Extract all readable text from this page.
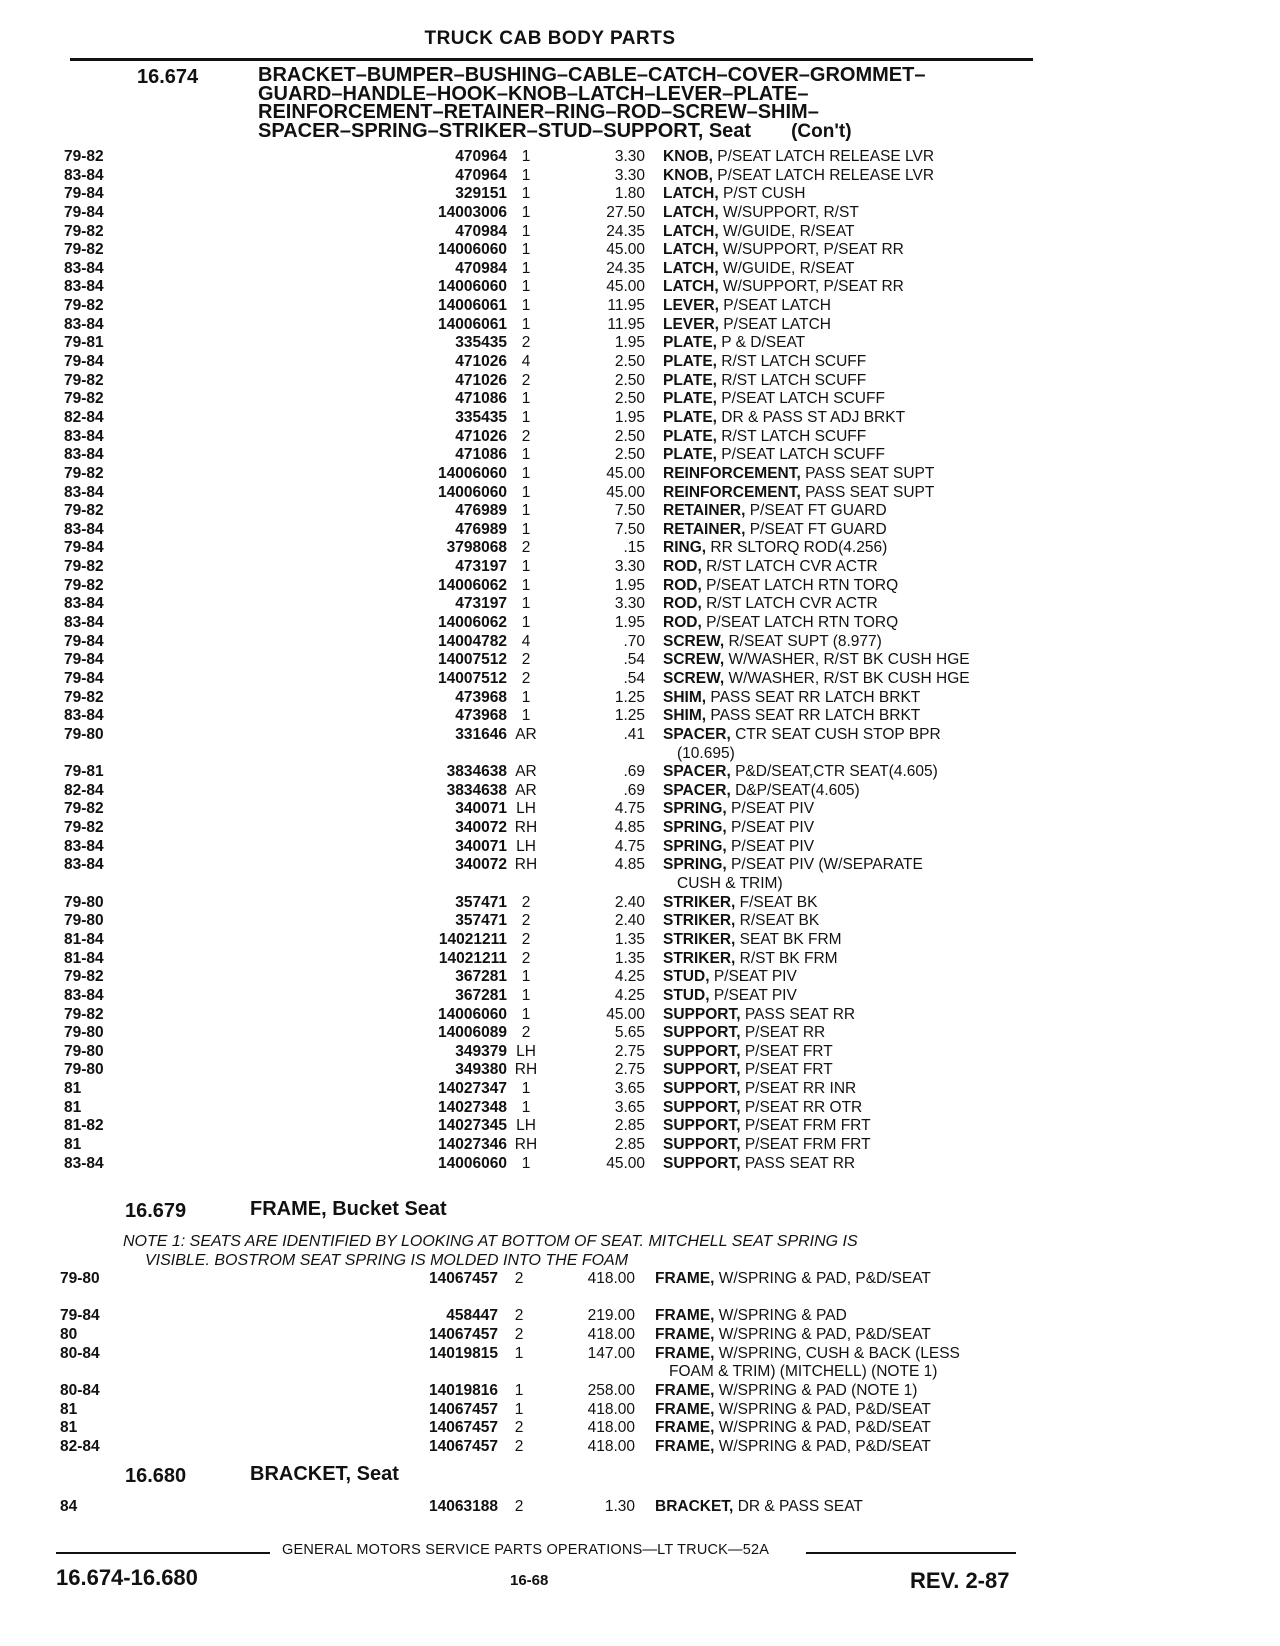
TRUCK CAB BODY PARTS
16.674	BRACKET–BUMPER–BUSHING–CABLE–CATCH–COVER–GROMMET–
GUARD–HANDLE–HOOK–KNOB–LATCH–LEVER–PLATE–
REINFORCEMENT–RETAINER–RING–ROD–SCREW–SHIM–
SPACER–SPRING–STRIKER–STUD–SUPPORT, Seat (Con't)
79-82	470964 1	3.30 KNOB, P/SEAT LATCH RELEASE LVR
83-84	470964 1	3.30 KNOB, P/SEAT LATCH RELEASE LVR
79-84	329151 1	1.80 LATCH, P/ST CUSH
79-84	14003006 1	27.50 LATCH, W/SUPPORT, R/ST
79-82	470984 1	24.35 LATCH, W/GUIDE, R/SEAT
79-82	14006060 1	45.00 LATCH, W/SUPPORT, P/SEAT RR
83-84	470984 1	24.35 LATCH, W/GUIDE, R/SEAT
83-84	14006060 1	45.00 LATCH, W/SUPPORT, P/SEAT RR
79-82	14006061 1	11.95 LEVER, P/SEAT LATCH
83-84	14006061 1	11.95 LEVER, P/SEAT LATCH
79-81	335435 2	1.95 PLATE, P & D/SEAT
79-84	471026 4	2.50 PLATE, R/ST LATCH SCUFF
79-82	471026 2	2.50 PLATE, R/ST LATCH SCUFF
79-82	471086 1	2.50 PLATE, P/SEAT LATCH SCUFF
82-84	335435 1	1.95 PLATE, DR & PASS ST ADJ BRKT
83-84	471026 2	2.50 PLATE, R/ST LATCH SCUFF
83-84	471086 1	2.50 PLATE, P/SEAT LATCH SCUFF
79-82	14006060 1	45.00 REINFORCEMENT, PASS SEAT SUPT
83-84	14006060 1	45.00 REINFORCEMENT, PASS SEAT SUPT
79-82	476989 1	7.50 RETAINER, P/SEAT FT GUARD
83-84	476989 1	7.50 RETAINER, P/SEAT FT GUARD
79-84	3798068 2	.15 RING, RR SLTORQ ROD(4.256)
79-82	473197 1	3.30 ROD, R/ST LATCH CVR ACTR
79-82	14006062 1	1.95 ROD, P/SEAT LATCH RTN TORQ
83-84	473197 1	3.30 ROD, R/ST LATCH CVR ACTR
83-84	14006062 1	1.95 ROD, P/SEAT LATCH RTN TORQ
79-84	14004782 4	.70 SCREW, R/SEAT SUPT (8.977)
79-84	14007512 2	.54 SCREW, W/WASHER, R/ST BK CUSH HGE
79-84	14007512 2	.54 SCREW, W/WASHER, R/ST BK CUSH HGE
79-82	473968 1	1.25 SHIM, PASS SEAT RR LATCH BRKT
83-84	473968 1	1.25 SHIM, PASS SEAT RR LATCH BRKT
79-80	331646 AR	.41 SPACER, CTR SEAT CUSH STOP BPR
(10.695)
79-81	3834638 AR	.69 SPACER, P&D/SEAT,CTR SEAT(4.605)
82-84	3834638 AR	.69 SPACER, D&P/SEAT(4.605)
79-82	340071 LH	4.75 SPRING, P/SEAT PIV
79-82	340072 RH	4.85 SPRING, P/SEAT PIV
83-84	340071 LH	4.75 SPRING, P/SEAT PIV
83-84	340072 RH	4.85 SPRING, P/SEAT PIV (W/SEPARATE
CUSH & TRIM)
79-80	357471 2	2.40 STRIKER, F/SEAT BK
79-80	357471 2	2.40 STRIKER, R/SEAT BK
81-84	14021211 2	1.35 STRIKER, SEAT BK FRM
81-84	14021211 2	1.35 STRIKER, R/ST BK FRM
79-82	367281 1	4.25 STUD, P/SEAT PIV
83-84	367281 1	4.25 STUD, P/SEAT PIV
79-82	14006060 1	45.00 SUPPORT, PASS SEAT RR
79-80	14006089 2	5.65 SUPPORT, P/SEAT RR
79-80	349379 LH	2.75 SUPPORT, P/SEAT FRT
79-80	349380 RH	2.75 SUPPORT, P/SEAT FRT
81	14027347 1	3.65 SUPPORT, P/SEAT RR INR
81	14027348 1	3.65 SUPPORT, P/SEAT RR OTR
81-82	14027345 LH	2.85 SUPPORT, P/SEAT FRM FRT
81	14027346 RH	2.85 SUPPORT, P/SEAT FRM FRT
83-84	14006060 1	45.00 SUPPORT, PASS SEAT RR
16.679	FRAME, Bucket Seat
NOTE 1: SEATS ARE IDENTIFIED BY LOOKING AT BOTTOM OF SEAT. MITCHELL SEAT SPRING IS
VISIBLE. BOSTROM SEAT SPRING IS MOLDED INTO THE FOAM
79-80	14067457	2	418.00 FRAME, W/SPRING & PAD, P&D/SEAT
79-84	458447	2	219.00 FRAME, W/SPRING & PAD
80	14067457	2	418.00 FRAME, W/SPRING & PAD, P&D/SEAT
80-84	14019815	1	147.00 FRAME, W/SPRING, CUSH & BACK (LESS
FOAM & TRIM) (MITCHELL) (NOTE 1)
80-84	14019816	1	258.00 FRAME, W/SPRING & PAD (NOTE 1)
81	14067457	1	418.00 FRAME, W/SPRING & PAD, P&D/SEAT
81	14067457	2	418.00 FRAME, W/SPRING & PAD, P&D/SEAT
82-84	14067457	2	418.00 FRAME, W/SPRING & PAD, P&D/SEAT
16.680	BRACKET, Seat
84	14063188	2	1.30 BRACKET, DR & PASS SEAT
GENERAL MOTORS SERVICE PARTS OPERATIONS—LT TRUCK—52A
16.674-16.680	16-68	REV. 2-87
